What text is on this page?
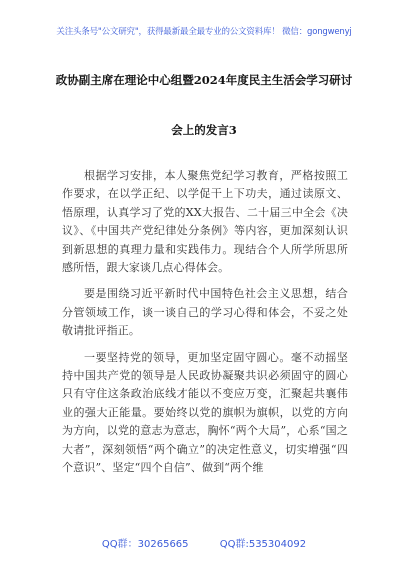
关注头条号"公文研究"，获得最新最全最专业的公文资料库！ 微信：gongwenyj
政协副主席在理论中心组暨2024年度民主生活会学习研讨
会上的发言3

根据学习安排，本人聚焦党纪学习教育，严格按照工作要求，在以学正纪、以学促干上下功夫，通过读原文、悟原理，认真学习了党的XX大报告、二十届三中全会《决议》、《中国共产党纪律处分条例》等内容，更加深刻认识到新思想的真理力量和实践伟力。现结合个人所学所思所感所悟，跟大家谈几点心得体会。

要是围绕习近平新时代中国特色社会主义思想，结合分管领域工作，谈一谈自己的学习心得和体会，不妥之处敬请批评指正。

一要坚持党的领导，更加坚定固守圆心。毫不动摇坚持中国共产党的领导是人民政协凝聚共识必须固守的圆心只有守住这条政治底线才能以不变应万变，汇聚起共襄伟业的强大正能量。要始终以党的旗帜为旗帜，以党的方向为方向，以党的意志为意志，胸怀“两个大局”，心系“国之大者”，深刻领悟“两个确立”的决定性意义，切实增强“四个意识”、坚定“四个自信”、做到“两个维

QQ群：30265665	QQ群:535304092
